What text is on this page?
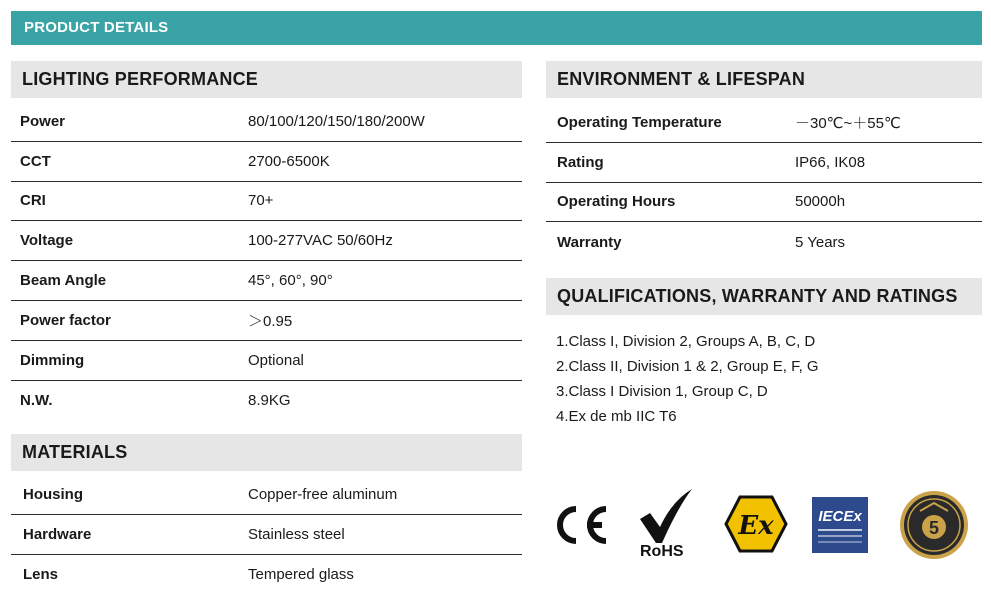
PRODUCT DETAILS
LIGHTING PERFORMANCE
Power	80/100/120/150/180/200W
CCT	2700-6500K
CRI	70+
Voltage	100-277VAC 50/60Hz
Beam Angle	45°, 60°, 90°
Power factor	＞0.95
Dimming	Optional
N.W.	8.9KG
MATERIALS
Housing	Copper-free aluminum
Hardware	Stainless steel
Lens	Tempered glass
ENVIRONMENT & LIFESPAN
Operating Temperature	－30℃~＋55℃
Rating	IP66, IK08
Operating Hours	50000h
Warranty	5 Years
QUALIFICATIONS, WARRANTY AND RATINGS
1.Class I, Division 2, Groups A, B, C, D
2.Class II, Division 1 & 2, Group E, F, G
3.Class I Division 1, Group C, D
4.Ex de mb IIC T6
RoHS
Ex	IECEx
5
